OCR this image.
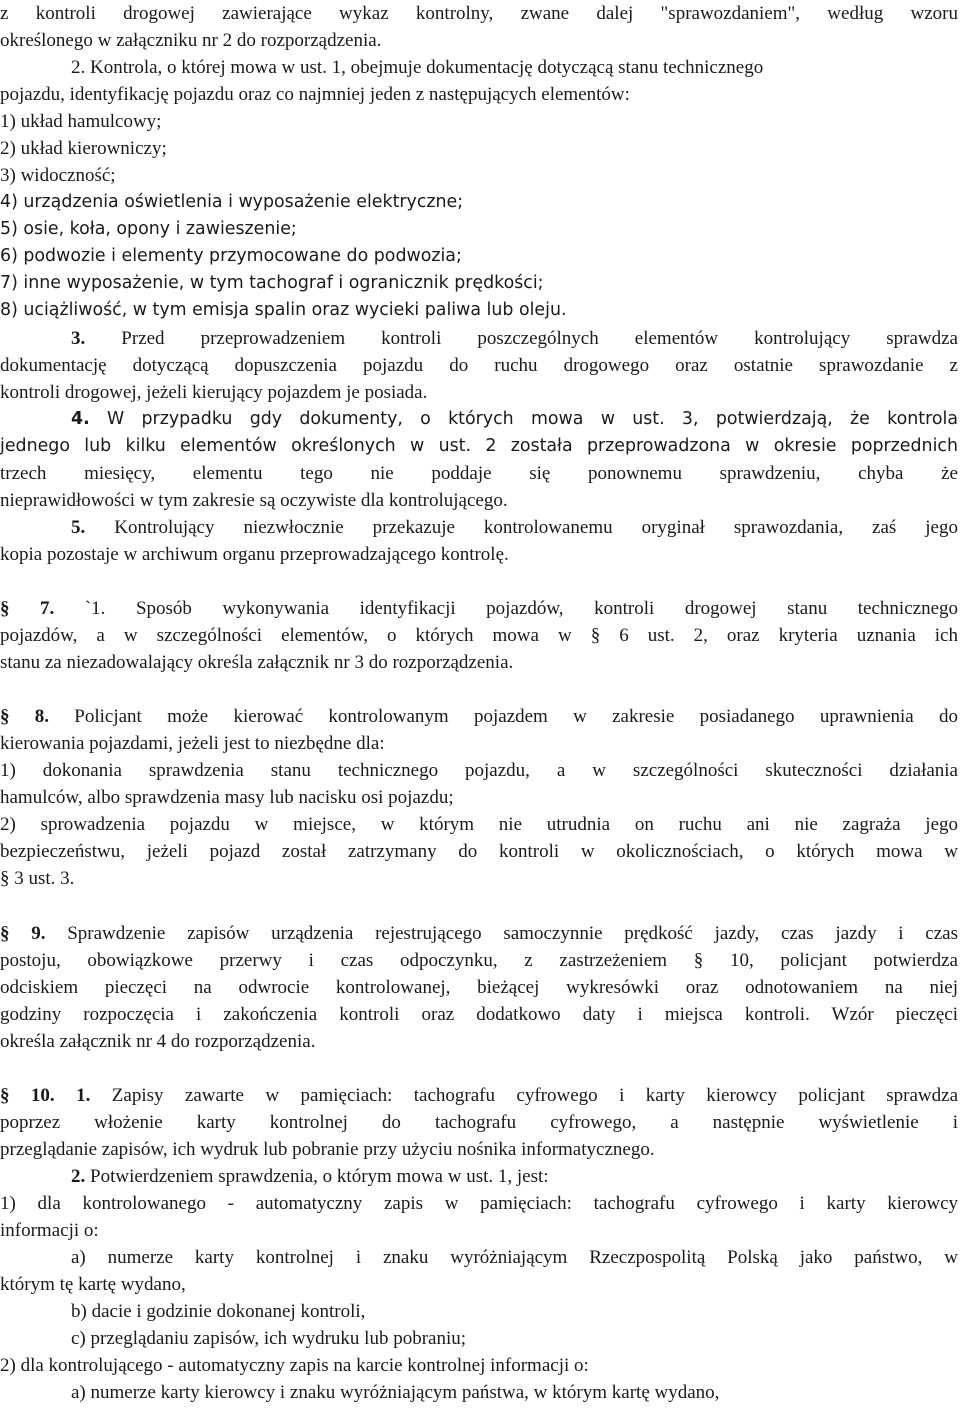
z kontroli drogowej zawierające wykaz kontrolny, zwane dalej "sprawozdaniem", według wzoru
określonego w załączniku nr 2 do rozporządzenia.
2. Kontrola, o której mowa w ust. 1, obejmuje dokumentację dotyczącą stanu technicznego
pojazdu, identyfikację pojazdu oraz co najmniej jeden z następujących elementów:
1) układ hamulcowy;
2) układ kierowniczy;
3) widoczność;
4) urządzenia oświetlenia i wyposażenie elektryczne;
5) osie, koła, opony i zawieszenie;
6) podwozie i elementy przymocowane do podwozia;
7) inne wyposażenie, w tym tachograf i ogranicznik prędkości;
8) uciążliwość, w tym emisja spalin oraz wycieki paliwa lub oleju.
3. Przed przeprowadzeniem kontroli poszczególnych elementów kontrolujący sprawdza
dokumentację dotyczącą dopuszczenia pojazdu do ruchu drogowego oraz ostatnie sprawozdanie z
kontroli drogowej, jeżeli kierujący pojazdem je posiada.
4. W przypadku gdy dokumenty, o których mowa w ust. 3, potwierdzają, że kontrola
jednego lub kilku elementów określonych w ust. 2 została przeprowadzona w okresie poprzednich
trzech miesięcy, elementu tego nie poddaje się ponownemu sprawdzeniu, chyba że
nieprawidłowości w tym zakresie są oczywiste dla kontrolującego.
5. Kontrolujący niezwłocznie przekazuje kontrolowanemu oryginał sprawozdania, zaś jego
kopia pozostaje w archiwum organu przeprowadzającego kontrolę.
§ 7. `1. Sposób wykonywania identyfikacji pojazdów, kontroli drogowej stanu technicznego
pojazdów, a w szczególności elementów, o których mowa w § 6 ust. 2, oraz kryteria uznania ich
stanu za niezadowalający określa załącznik nr 3 do rozporządzenia.
§ 8. Policjant może kierować kontrolowanym pojazdem w zakresie posiadanego uprawnienia do
kierowania pojazdami, jeżeli jest to niezbędne dla:
1) dokonania sprawdzenia stanu technicznego pojazdu, a w szczególności skuteczności działania
hamulców, albo sprawdzenia masy lub nacisku osi pojazdu;
2) sprowadzenia pojazdu w miejsce, w którym nie utrudnia on ruchu ani nie zagraża jego
bezpieczeństwu, jeżeli pojazd został zatrzymany do kontroli w okolicznościach, o których mowa w
§ 3 ust. 3.
§ 9. Sprawdzenie zapisów urządzenia rejestrującego samoczynnie prędkość jazdy, czas jazdy i czas
postoju, obowiązkowe przerwy i czas odpoczynku, z zastrzeżeniem § 10, policjant potwierdza
odciskiem pieczęci na odwrocie kontrolowanej, bieżącej wykresówki oraz odnotowaniem na niej
godziny rozpoczęcia i zakończenia kontroli oraz dodatkowo daty i miejsca kontroli. Wzór pieczęci
określa załącznik nr 4 do rozporządzenia.
§ 10. 1. Zapisy zawarte w pamięciach: tachografu cyfrowego i karty kierowcy policjant sprawdza
poprzez włożenie karty kontrolnej do tachografu cyfrowego, a następnie wyświetlenie i
przeglądanie zapisów, ich wydruk lub pobranie przy użyciu nośnika informatycznego.
2. Potwierdzeniem sprawdzenia, o którym mowa w ust. 1, jest:
1) dla kontrolowanego - automatyczny zapis w pamięciach: tachografu cyfrowego i karty kierowcy
informacji o:
a) numerze karty kontrolnej i znaku wyróżniającym Rzeczpospolitą Polską jako państwo, w
którym tę kartę wydano,
b) dacie i godzinie dokonanej kontroli,
c) przeglądaniu zapisów, ich wydruku lub pobraniu;
2) dla kontrolującego - automatyczny zapis na karcie kontrolnej informacji o:
a) numerze karty kierowcy i znaku wyróżniającym państwa, w którym kartę wydano,
